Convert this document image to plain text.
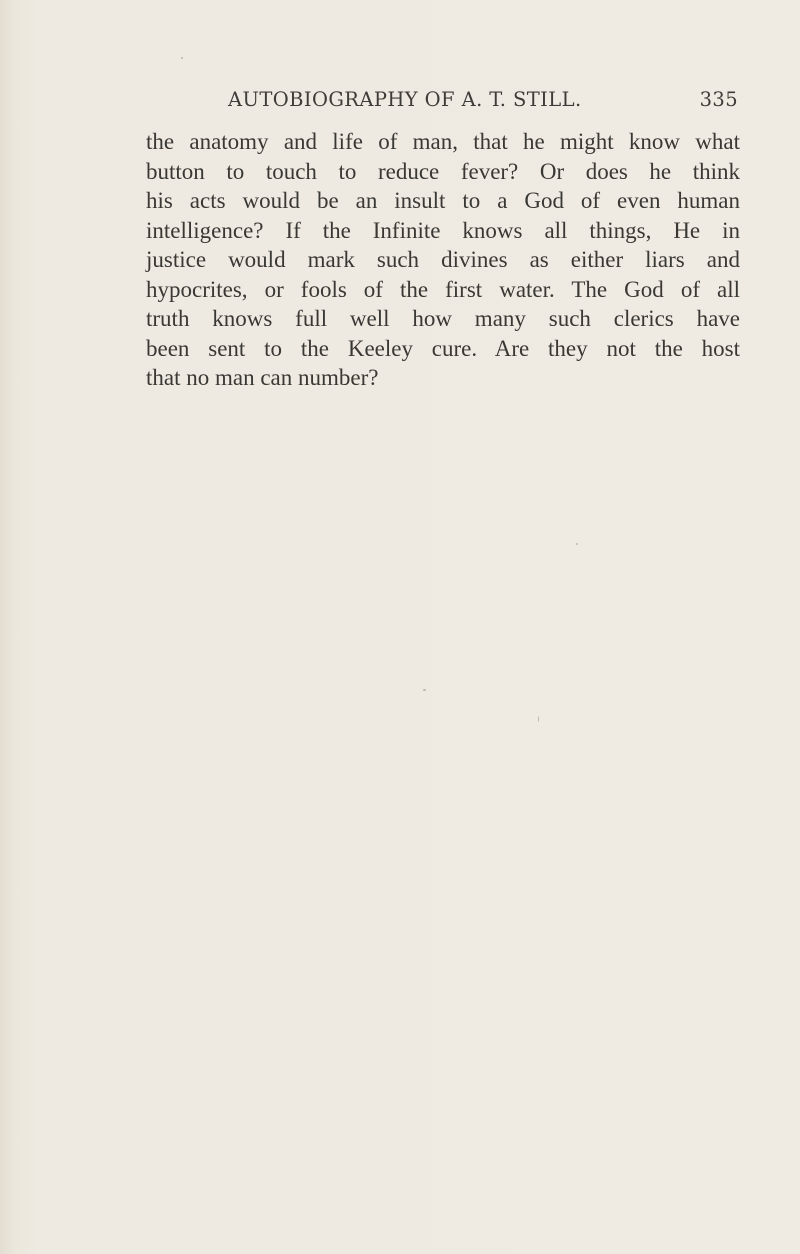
AUTOBIOGRAPHY OF A. T. STILL.	335
the anatomy and life of man, that he might know what
button to touch to reduce fever? Or does he think
his acts would be an insult to a God of even human
intelligence? If the Infinite knows all things, He in
justice would mark such divines as either liars and
hypocrites, or fools of the first water. The God of all
truth knows full well how many such clerics have
been sent to the Keeley cure. Are they not the host
that no man can number?
